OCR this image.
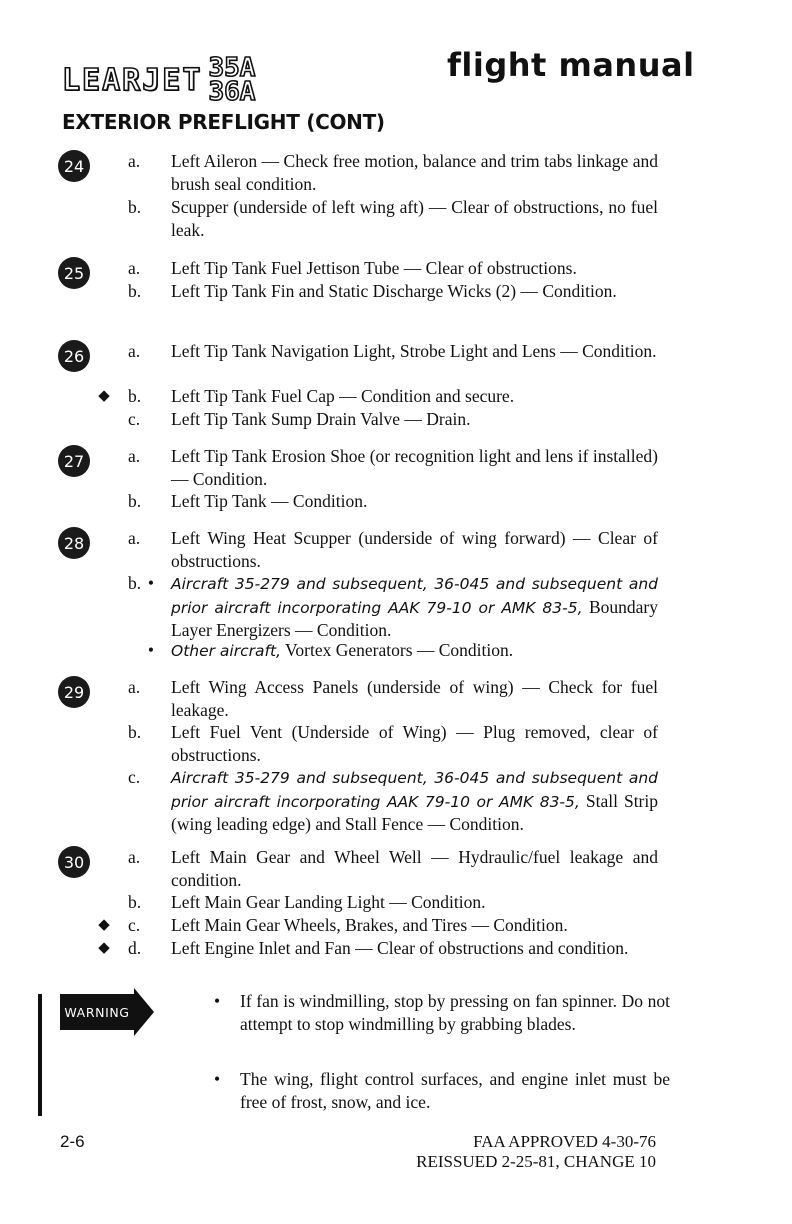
LEARJET 35A
36A
flight manual
EXTERIOR PREFLIGHT (CONT)
24	a.	Left Aileron — Check free motion, balance and trim tabs linkage and brush seal condition.
b.	Scupper (underside of left wing aft) — Clear of obstructions, no fuel leak.
25	a.	Left Tip Tank Fuel Jettison Tube — Clear of obstructions.
b.	Left Tip Tank Fin and Static Discharge Wicks (2) — Condition.
26	a.	Left Tip Tank Navigation Light, Strobe Light and Lens — Condition.
◆ b.	Left Tip Tank Fuel Cap — Condition and secure.
c.	Left Tip Tank Sump Drain Valve — Drain.
27	a.	Left Tip Tank Erosion Shoe (or recognition light and lens if installed) — Condition.
b.	Left Tip Tank — Condition.
28	a.	Left Wing Heat Scupper (underside of wing forward) — Clear of obstructions.
b. • Aircraft 35-279 and subsequent, 36-045 and subsequent and prior aircraft incorporating AAK 79-10 or AMK 83-5, Boundary Layer Energizers — Condition.
• Other aircraft, Vortex Generators — Condition.
29	a.	Left Wing Access Panels (underside of wing) — Check for fuel leakage.
b.	Left Fuel Vent (Underside of Wing) — Plug removed, clear of obstructions.
c.	Aircraft 35-279 and subsequent, 36-045 and subsequent and prior aircraft incorporating AAK 79-10 or AMK 83-5, Stall Strip (wing leading edge) and Stall Fence — Condition.
30	a.	Left Main Gear and Wheel Well — Hydraulic/fuel leakage and condition.
b.	Left Main Gear Landing Light — Condition.
◆ c.	Left Main Gear Wheels, Brakes, and Tires — Condition.
◆ d.	Left Engine Inlet and Fan — Clear of obstructions and condition.
WARNING
• If fan is windmilling, stop by pressing on fan spinner. Do not attempt to stop windmilling by grabbing blades.
• The wing, flight control surfaces, and engine inlet must be free of frost, snow, and ice.
2-6	FAA APPROVED 4-30-76
REISSUED 2-25-81, CHANGE 10
